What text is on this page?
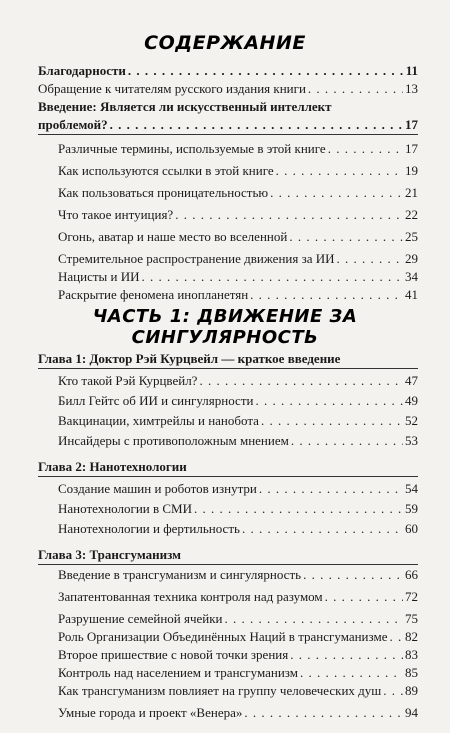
СОДЕРЖАНИЕ
Благодарности . . .	11
Обращение к читателям русского издания книги . . .	13
Введение: Является ли искусственный интеллект
проблемой? . . .	17
Различные термины, используемые в этой книге . . .	17
Как используются ссылки в этой книге . . .	19
Как пользоваться проницательностью . . .	21
Что такое интуиция? . . .	22
Огонь, аватар и наше место во вселенной . . .	25
Стремительное распространение движения за ИИ . . .	29
Нацисты и ИИ . . .	34
Раскрытие феномена инопланетян . . .	41
ЧАСТЬ 1: ДВИЖЕНИЕ ЗА СИНГУЛЯРНОСТЬ
Глава 1: Доктор Рэй Курцвейл — краткое введение
Кто такой Рэй Курцвейл? . . .	47
Билл Гейтс об ИИ и сингулярности . . .	49
Вакцинации, химтрейлы и нанобота . . .	52
Инсайдеры с противоположным мнением . . .	53
Глава 2: Нанотехнологии
Создание машин и роботов изнутри . . .	54
Нанотехнологии в СМИ . . .	59
Нанотехнологии и фертильность . . .	60
Глава 3: Трансгуманизм
Введение в трансгуманизм и сингулярность . . .	66
Запатентованная техника контроля над разумом . . .	72
Разрушение семейной ячейки . . .	75
Роль Организации Объединённых Наций в трансгуманизме . . . 82
Второе пришествие с новой точки зрения . . .	83
Контроль над населением и трансгуманизм . . .	85
Как трансгуманизм повлияет на группу человеческих душ . . . 89
Умные города и проект «Венера» . . .	94
